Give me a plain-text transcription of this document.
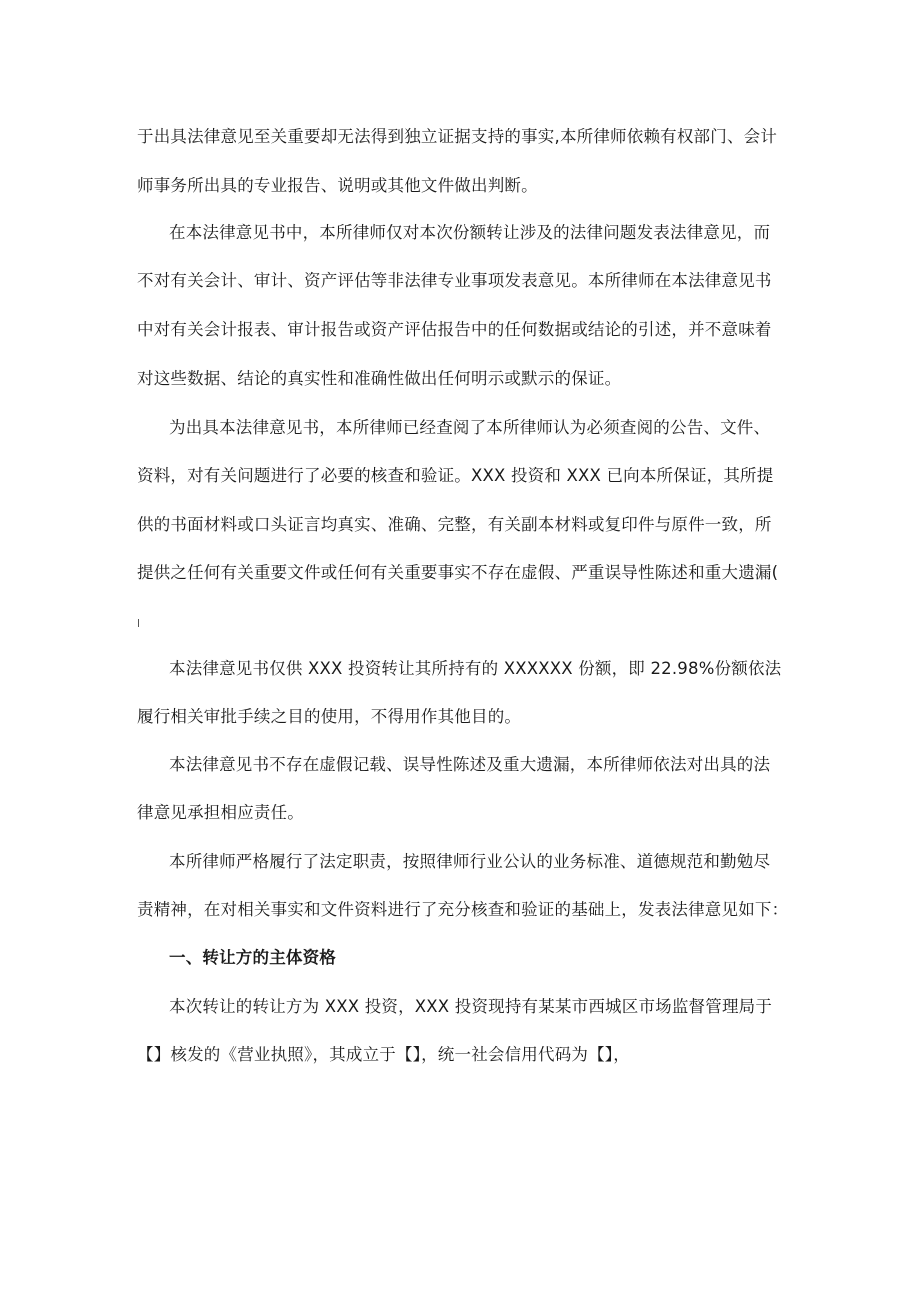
于出具法律意见至关重要却无法得到独立证据支持的事实,本所律师依赖有权部门、会计
师事务所出具的专业报告、说明或其他文件做出判断。
在本法律意见书中，本所律师仅对本次份额转让涉及的法律问题发表法律意见，而
不对有关会计、审计、资产评估等非法律专业事项发表意见。本所律师在本法律意见书
中对有关会计报表、审计报告或资产评估报告中的任何数据或结论的引述，并不意味着
对这些数据、结论的真实性和准确性做出任何明示或默示的保证。
为出具本法律意见书，本所律师已经查阅了本所律师认为必须查阅的公告、文件、
资料，对有关问题进行了必要的核查和验证。XXX 投资和 XXX 已向本所保证，其所提
供的书面材料或口头证言均真实、准确、完整，有关副本材料或复印件与原件一致，所
提供之任何有关重要文件或任何有关重要事实不存在虚假、严重误导性陈述和重大遗漏(
本法律意见书仅供 XXX 投资转让其所持有的 XXXXXX 份额，即 22.98%份额依法
履行相关审批手续之目的使用，不得用作其他目的。
本法律意见书不存在虚假记载、误导性陈述及重大遗漏，本所律师依法对出具的法
律意见承担相应责任。
本所律师严格履行了法定职责，按照律师行业公认的业务标准、道德规范和勤勉尽
责精神，在对相关事实和文件资料进行了充分核查和验证的基础上，发表法律意见如下：
一、转让方的主体资格
本次转让的转让方为 XXX 投资，XXX 投资现持有某某市西城区市场监督管理局于
【】核发的《营业执照》，其成立于【】，统一社会信用代码为【】，
